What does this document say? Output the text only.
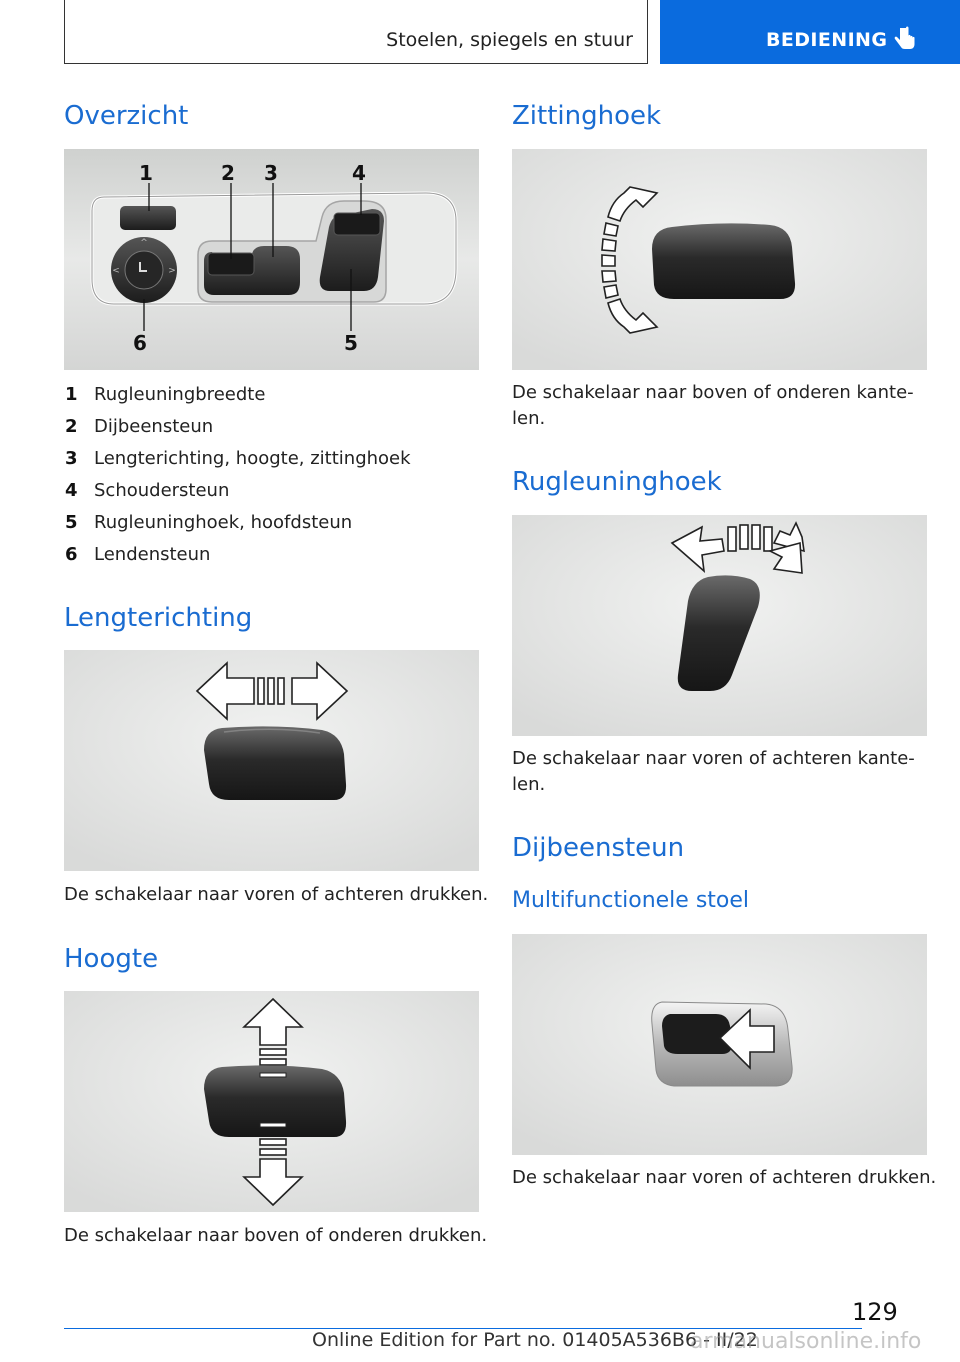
Stoelen, spiegels en stuur	BEDIENING
Overzicht
^
<	>
1	2 3	4
5
6
1 Rugleuningbreedte
2 Dijbeensteun
3 Lengterichting, hoogte, zittinghoek
4 Schoudersteun
5 Rugleuninghoek, hoofdsteun
6 Lendensteun
Lengterichting
De schakelaar naar voren of achteren drukken.
Hoogte
De schakelaar naar boven of onderen drukken.
Zittinghoek
De schakelaar naar boven of onderen kante-len.
Rugleuninghoek
De schakelaar naar voren of achteren kante-len.
Dijbeensteun
Multifunctionele stoel
De schakelaar naar voren of achteren drukken.
129
Online Edition for Part no. 01405A536B6 - II/22
armanualsonline.info
